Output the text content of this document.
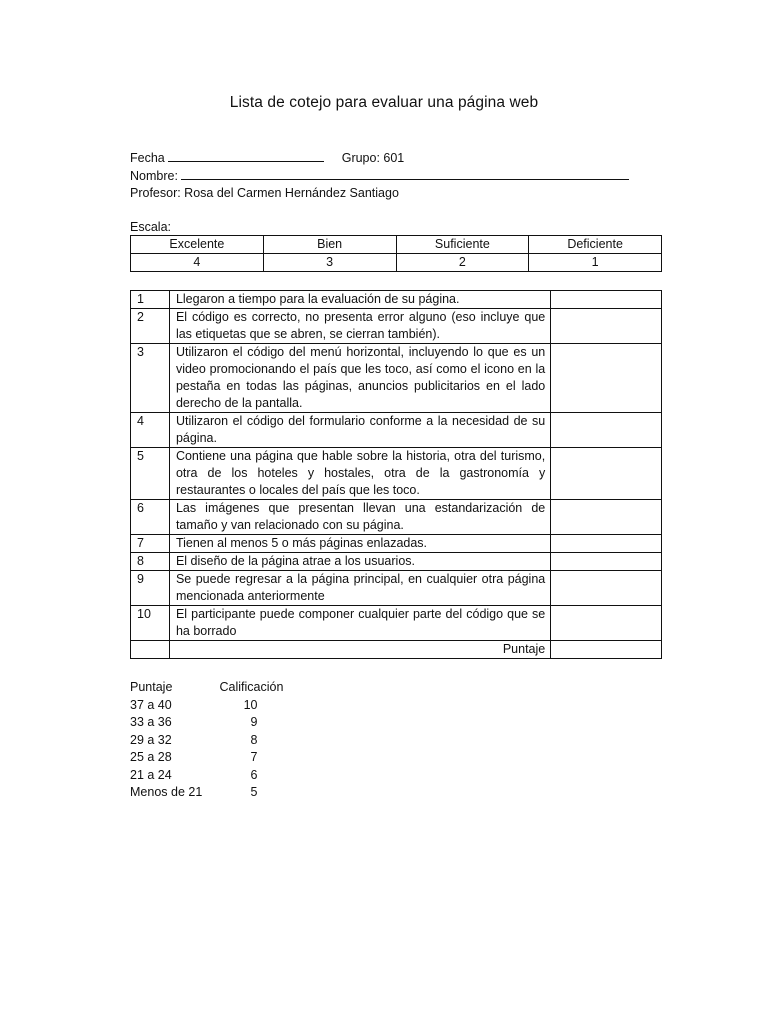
Lista de cotejo para evaluar una página web
Fecha	Grupo: 601
Nombre:
Profesor: Rosa del Carmen Hernández Santiago
Escala:
Excelente	Bien	Suficiente	Deficiente
4	3	2	1
1	Llegaron a tiempo para la evaluación de su página.	
2	El código es correcto, no presenta error alguno (eso incluye que las etiquetas que se abren, se cierran también).	
3	Utilizaron el código del menú horizontal, incluyendo lo que es un video promocionando el país que les toco, así como el icono en la pestaña en todas las páginas, anuncios publicitarios en el lado derecho de la pantalla.	
4	Utilizaron el código del formulario conforme a la necesidad de su página.	
5	Contiene una página que hable sobre la historia, otra del turismo, otra de los hoteles y hostales, otra de la gastronomía y restaurantes o locales del país que les toco.	
6	Las imágenes que presentan llevan una estandarización de tamaño y van relacionado con su página.	
7	Tienen al menos 5 o más páginas enlazadas.	
8	El diseño de la página atrae a los usuarios.	
9	Se puede regresar a la página principal, en cualquier otra página mencionada anteriormente	
10	El participante puede componer cualquier parte del código que se ha borrado	
	Puntaje	
Puntaje	Calificación
37 a 40	10
33 a 36	9
29 a 32	8
25 a 28	7
21 a 24	6
Menos de 21	5
